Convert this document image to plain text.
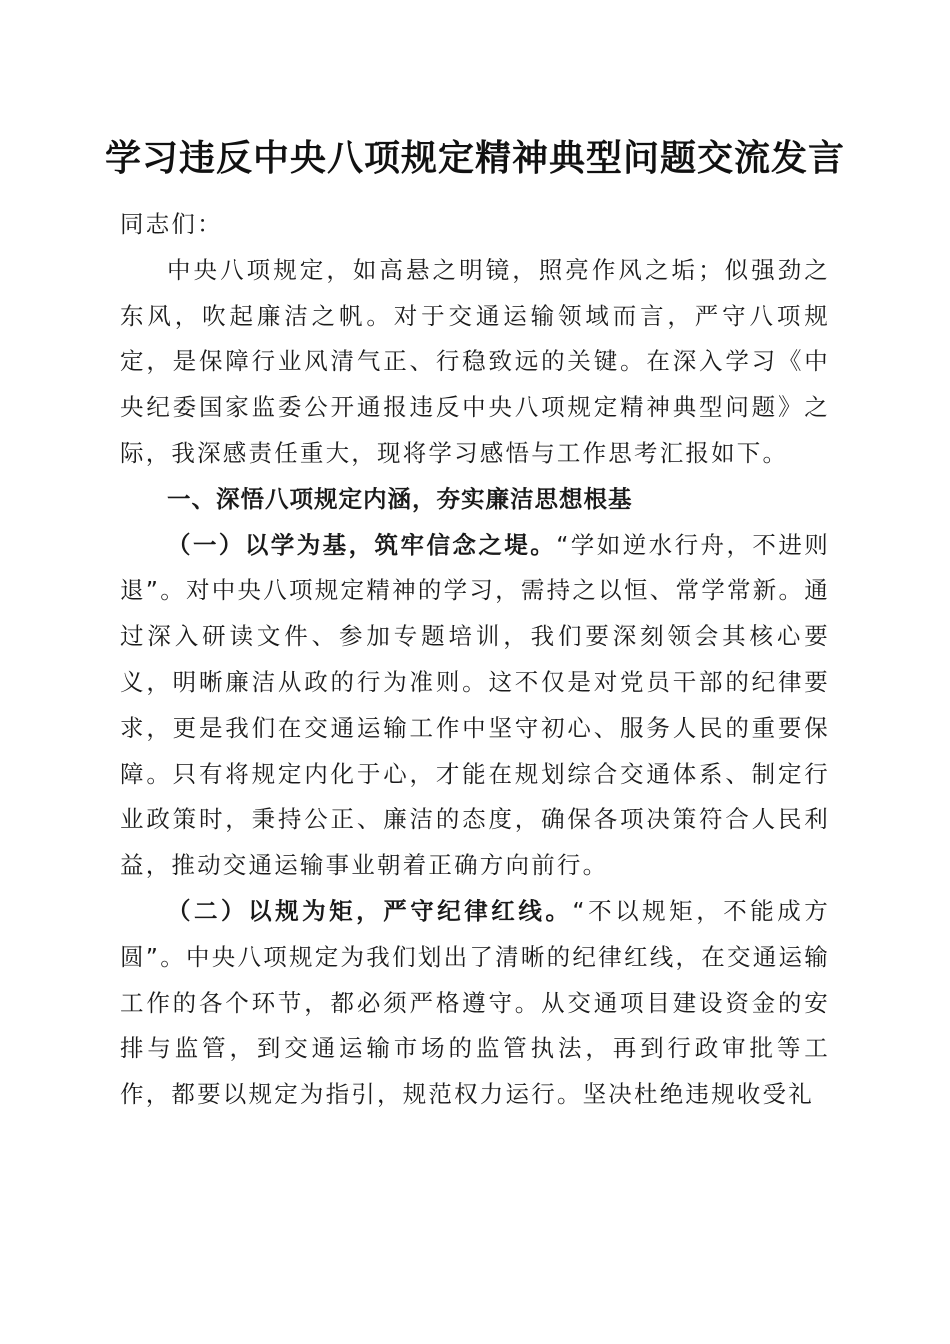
学习违反中央八项规定精神典型问题交流发言

同志们：

中央八项规定，如高悬之明镜，照亮作风之垢；似强劲之东风，吹起廉洁之帆。对于交通运输领域而言，严守八项规定，是保障行业风清气正、行稳致远的关键。在深入学习《中央纪委国家监委公开通报违反中央八项规定精神典型问题》之际，我深感责任重大，现将学习感悟与工作思考汇报如下。

一、深悟八项规定内涵，夯实廉洁思想根基

（一）以学为基，筑牢信念之堤。“学如逆水行舟，不进则退”。对中央八项规定精神的学习，需持之以恒、常学常新。通过深入研读文件、参加专题培训，我们要深刻领会其核心要义，明晰廉洁从政的行为准则。这不仅是对党员干部的纪律要求，更是我们在交通运输工作中坚守初心、服务人民的重要保障。只有将规定内化于心，才能在规划综合交通体系、制定行业政策时，秉持公正、廉洁的态度，确保各项决策符合人民利益，推动交通运输事业朝着正确方向前行。

（二）以规为矩，严守纪律红线。“不以规矩，不能成方圆”。中央八项规定为我们划出了清晰的纪律红线，在交通运输工作的各个环节，都必须严格遵守。从交通项目建设资金的安排与监管，到交通运输市场的监管执法，再到行政审批等工作，都要以规定为指引，规范权力运行。坚决杜绝违规收受礼
